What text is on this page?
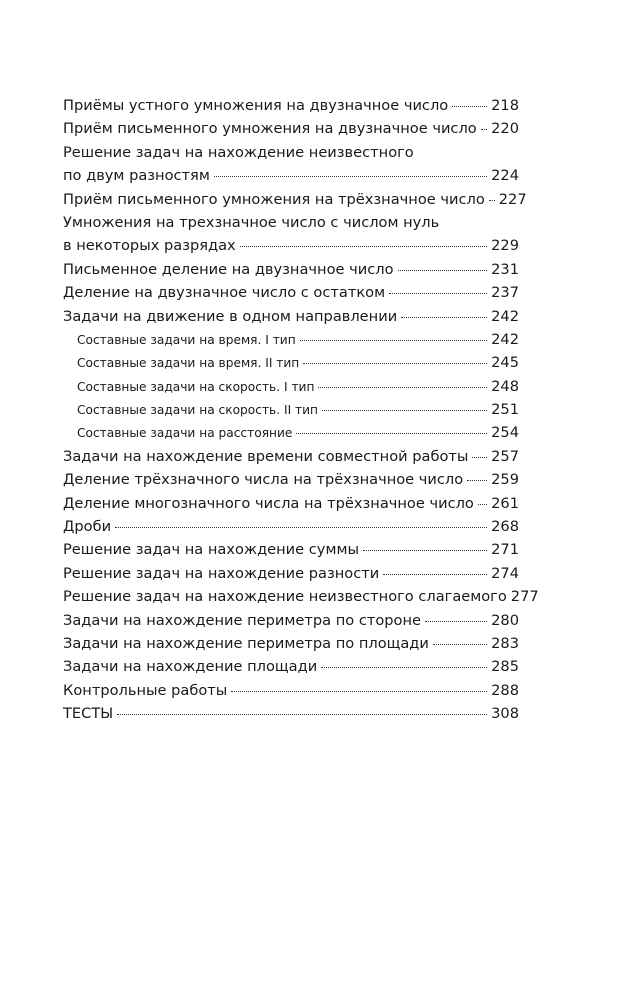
Приёмы устного умножения на двузначное число	218
Приём письменного умножения на двузначное число 220
Решение задач на нахождение неизвестного
по двум разностям	224
Приём письменного умножения на трёхзначное число 227
Умножения на трехзначное число с числом нуль
в некоторых разрядах	229
Письменное деление на двузначное число	231
Деление на двузначное число с остатком	237
Задачи на движение в одном направлении	242
Составные задачи на время. I тип	242
Составные задачи на время. II тип	245
Составные задачи на скорость. I тип	248
Составные задачи на скорость. II тип	251
Составные задачи на расстояние	254
Задачи на нахождение времени совместной работы 257
Деление трёхзначного числа на трёхзначное число 259
Деление многозначного числа на трёхзначное число 261
Дроби	268
Решение задач на нахождение суммы	271
Решение задач на нахождение разности	274
Решение задач на нахождение неизвестного слагаемого 277
Задачи на нахождение периметра по стороне	280
Задачи на нахождение периметра по площади	283
Задачи на нахождение площади	285
Контрольные работы	288
ТЕСТЫ	308
